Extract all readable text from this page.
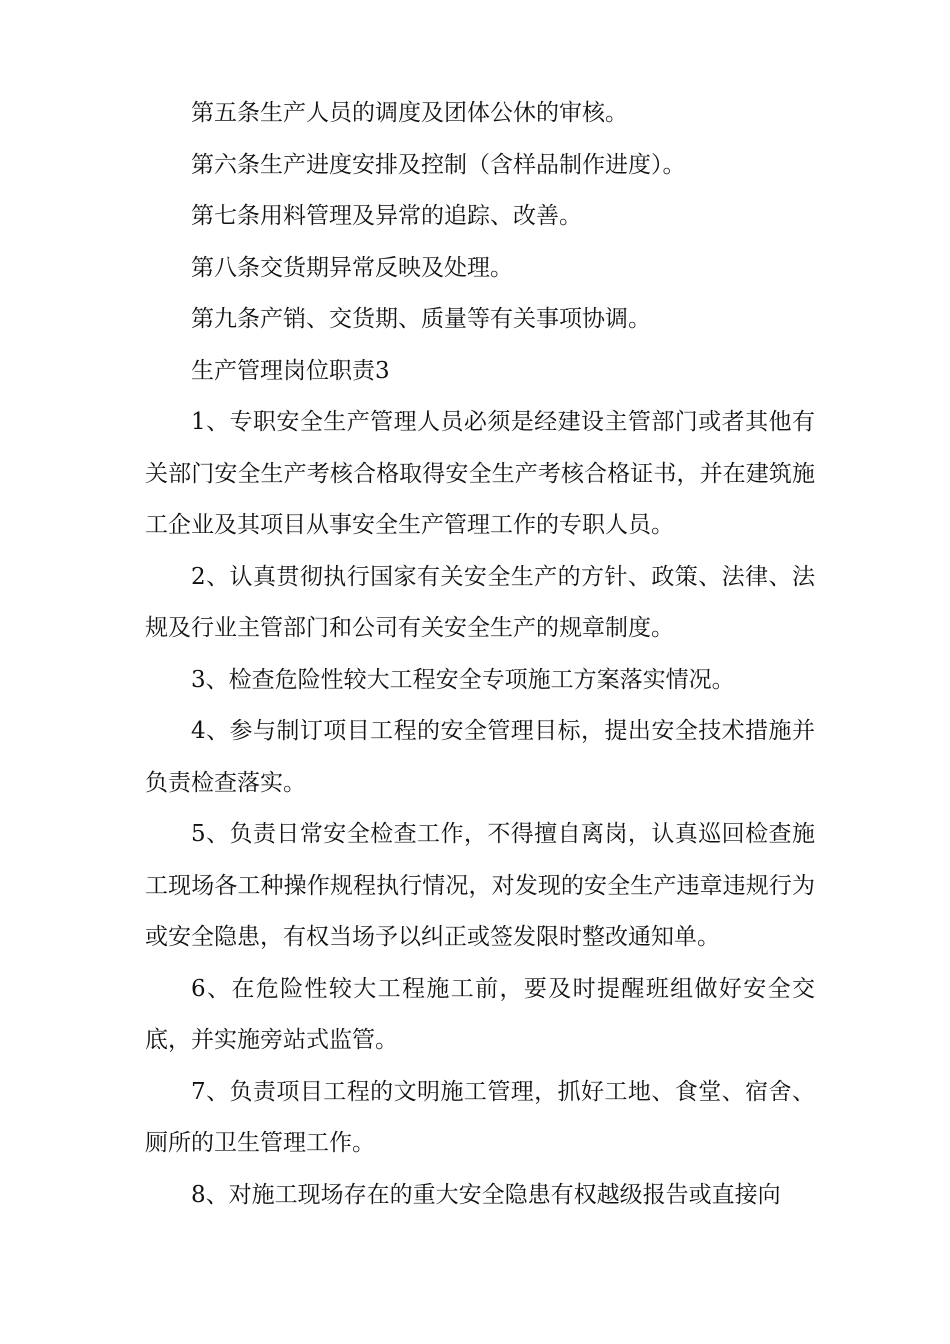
第五条生产人员的调度及团体公休的审核。

第六条生产进度安排及控制（含样品制作进度）。

第七条用料管理及异常的追踪、改善。

第八条交货期异常反映及处理。

第九条产销、交货期、质量等有关事项协调。

生产管理岗位职责3

1、专职安全生产管理人员必须是经建设主管部门或者其他有关部门安全生产考核合格取得安全生产考核合格证书，并在建筑施工企业及其项目从事安全生产管理工作的专职人员。

2、认真贯彻执行国家有关安全生产的方针、政策、法律、法规及行业主管部门和公司有关安全生产的规章制度。

3、检查危险性较大工程安全专项施工方案落实情况。

4、参与制订项目工程的安全管理目标，提出安全技术措施并负责检查落实。

5、负责日常安全检查工作，不得擅自离岗，认真巡回检查施工现场各工种操作规程执行情况，对发现的安全生产违章违规行为或安全隐患，有权当场予以纠正或签发限时整改通知单。

6、在危险性较大工程施工前，要及时提醒班组做好安全交底，并实施旁站式监管。

7、负责项目工程的文明施工管理，抓好工地、食堂、宿舍、厕所的卫生管理工作。

8、对施工现场存在的重大安全隐患有权越级报告或直接向
